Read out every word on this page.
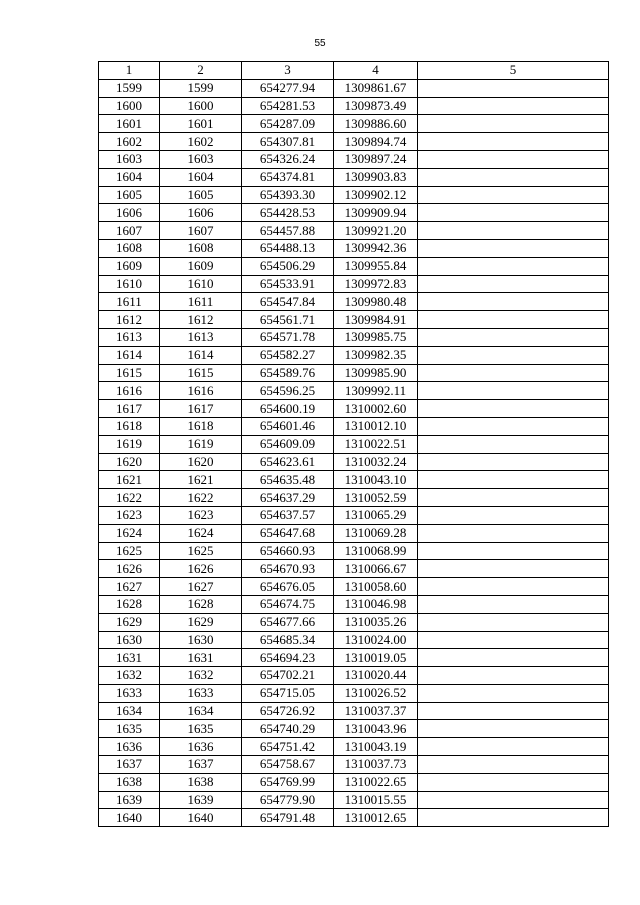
55
1	2	3	4	5
1599	1599	654277.94	1309861.67	
1600	1600	654281.53	1309873.49	
1601	1601	654287.09	1309886.60	
1602	1602	654307.81	1309894.74	
1603	1603	654326.24	1309897.24	
1604	1604	654374.81	1309903.83	
1605	1605	654393.30	1309902.12	
1606	1606	654428.53	1309909.94	
1607	1607	654457.88	1309921.20	
1608	1608	654488.13	1309942.36	
1609	1609	654506.29	1309955.84	
1610	1610	654533.91	1309972.83	
1611	1611	654547.84	1309980.48	
1612	1612	654561.71	1309984.91	
1613	1613	654571.78	1309985.75	
1614	1614	654582.27	1309982.35	
1615	1615	654589.76	1309985.90	
1616	1616	654596.25	1309992.11	
1617	1617	654600.19	1310002.60	
1618	1618	654601.46	1310012.10	
1619	1619	654609.09	1310022.51	
1620	1620	654623.61	1310032.24	
1621	1621	654635.48	1310043.10	
1622	1622	654637.29	1310052.59	
1623	1623	654637.57	1310065.29	
1624	1624	654647.68	1310069.28	
1625	1625	654660.93	1310068.99	
1626	1626	654670.93	1310066.67	
1627	1627	654676.05	1310058.60	
1628	1628	654674.75	1310046.98	
1629	1629	654677.66	1310035.26	
1630	1630	654685.34	1310024.00	
1631	1631	654694.23	1310019.05	
1632	1632	654702.21	1310020.44	
1633	1633	654715.05	1310026.52	
1634	1634	654726.92	1310037.37	
1635	1635	654740.29	1310043.96	
1636	1636	654751.42	1310043.19	
1637	1637	654758.67	1310037.73	
1638	1638	654769.99	1310022.65	
1639	1639	654779.90	1310015.55	
1640	1640	654791.48	1310012.65	
